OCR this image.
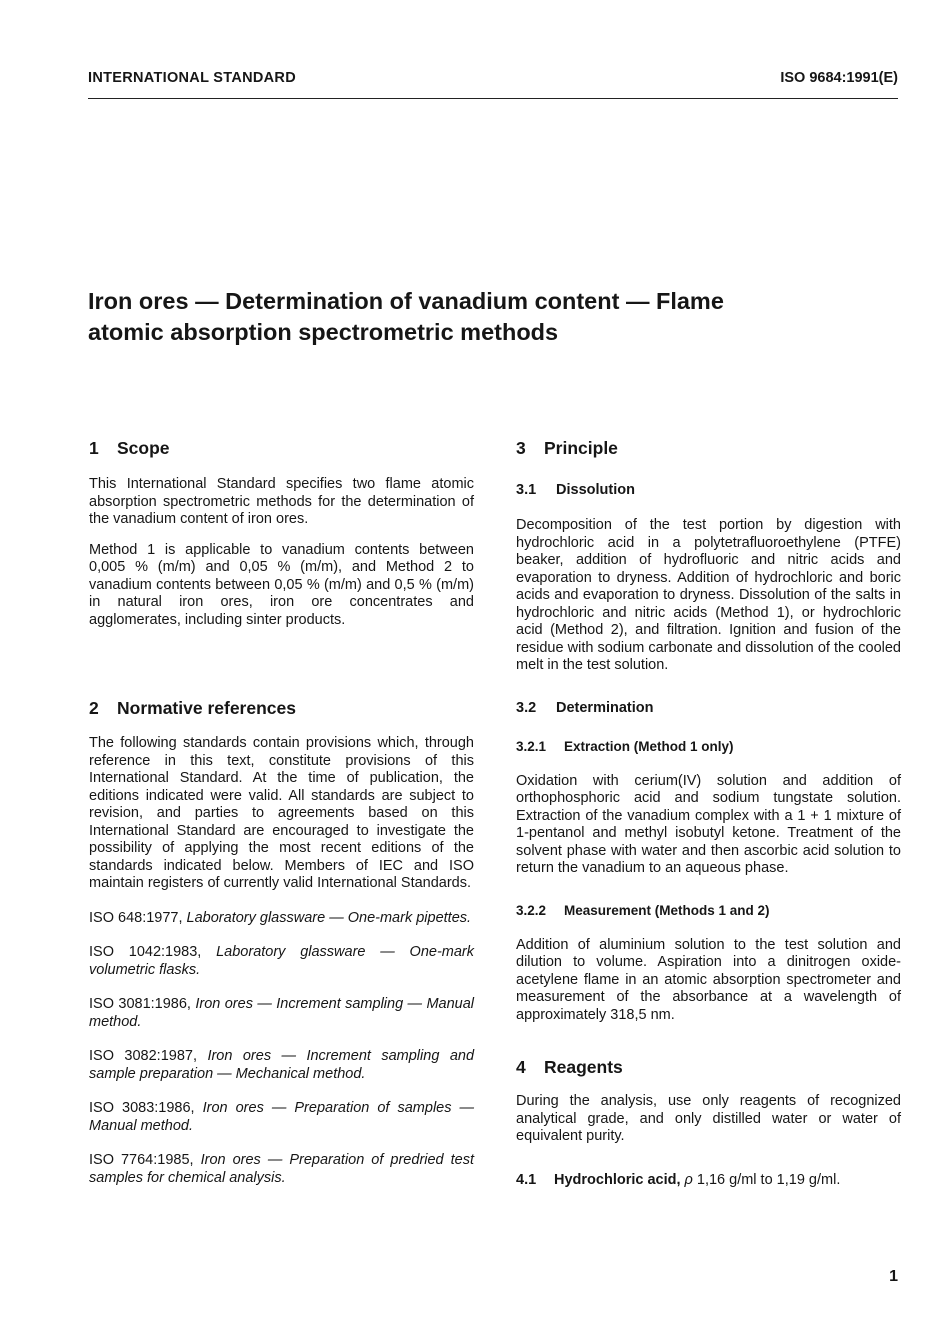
INTERNATIONAL STANDARD	ISO 9684:1991(E)
Iron ores — Determination of vanadium content — Flame
atomic absorption spectrometric methods
1 Scope

This International Standard specifies two flame atomic absorption spectrometric methods for the determination of the vanadium content of iron ores.

Method 1 is applicable to vanadium contents between 0,005 % (m/m) and 0,05 % (m/m), and Method 2 to vanadium contents between 0,05 % (m/m) and 0,5 % (m/m) in natural iron ores, iron ore concentrates and agglomerates, including sinter products.

2 Normative references

The following standards contain provisions which, through reference in this text, constitute provisions of this International Standard. At the time of publication, the editions indicated were valid. All standards are subject to revision, and parties to agreements based on this International Standard are encouraged to investigate the possibility of applying the most recent editions of the standards indicated below. Members of IEC and ISO maintain registers of currently valid International Standards.

ISO 648:1977, Laboratory glassware — One-mark pipettes.

ISO 1042:1983, Laboratory glassware — One-mark volumetric flasks.

ISO 3081:1986, Iron ores — Increment sampling — Manual method.

ISO 3082:1987, Iron ores — Increment sampling and sample preparation — Mechanical method.

ISO 3083:1986, Iron ores — Preparation of samples — Manual method.

ISO 7764:1985, Iron ores — Preparation of predried test samples for chemical analysis.

3 Principle
3.1 Dissolution

Decomposition of the test portion by digestion with hydrochloric acid in a polytetrafluoroethylene (PTFE) beaker, addition of hydrofluoric and nitric acids and evaporation to dryness. Addition of hydrochloric and boric acids and evaporation to dryness. Dissolution of the salts in hydrochloric and nitric acids (Method 1), or hydrochloric acid (Method 2), and filtration. Ignition and fusion of the residue with sodium carbonate and dissolution of the cooled melt in the test solution.

3.2 Determination
3.2.1 Extraction (Method 1 only)

Oxidation with cerium(IV) solution and addition of orthophosphoric acid and sodium tungstate solution. Extraction of the vanadium complex with a 1 + 1 mixture of 1-pentanol and methyl isobutyl ketone. Treatment of the solvent phase with water and then ascorbic acid solution to return the vanadium to an aqueous phase.

3.2.2 Measurement (Methods 1 and 2)

Addition of aluminium solution to the test solution and dilution to volume. Aspiration into a dinitrogen oxide-acetylene flame in an atomic absorption spectrometer and measurement of the absorbance at a wavelength of approximately 318,5 nm.

4 Reagents

During the analysis, use only reagents of recognized analytical grade, and only distilled water or water of equivalent purity.

4.1 Hydrochloric acid, ρ 1,16 g/ml to 1,19 g/ml.

1
